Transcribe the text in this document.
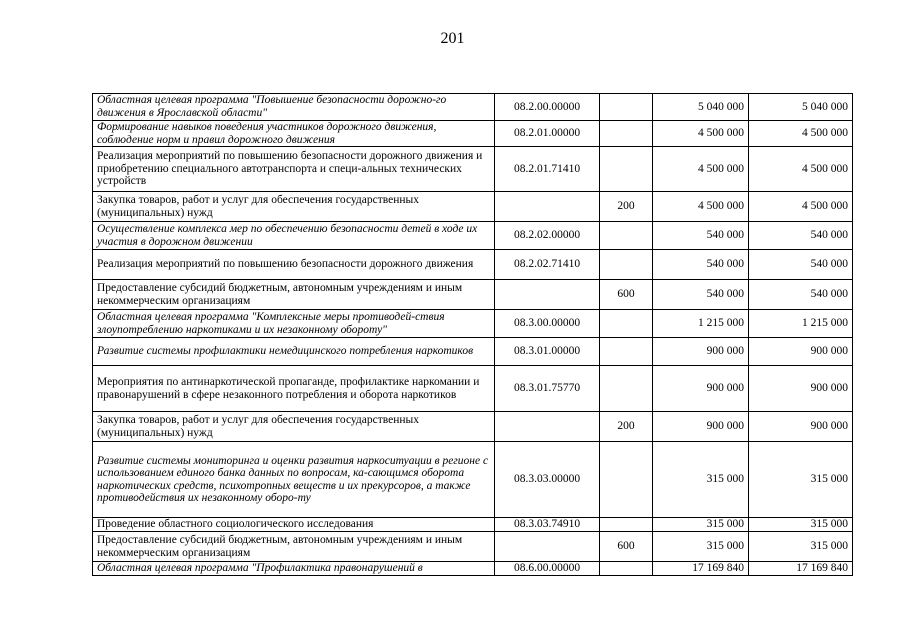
201
Областная целевая программа "Повышение безопасности дорожно-го движения в Ярославской области"	08.2.00.00000		5 040 000	5 040 000
Формирование навыков поведения участников дорожного движения, соблюдение норм и правил дорожного движения	08.2.01.00000		4 500 000	4 500 000
Реализация мероприятий по повышению безопасности дорожного движения и приобретению специального автотранспорта и специ-альных технических устройств	08.2.01.71410		4 500 000	4 500 000
Закупка товаров, работ и услуг для обеспечения государственных (муниципальных) нужд		200	4 500 000	4 500 000
Осуществление комплекса мер по обеспечению безопасности детей в ходе их участия в дорожном движении	08.2.02.00000		540 000	540 000
Реализация мероприятий по повышению безопасности дорожного движения	08.2.02.71410		540 000	540 000
Предоставление субсидий бюджетным, автономным учреждениям и иным некоммерческим организациям		600	540 000	540 000
Областная целевая программа "Комплексные меры противодей-ствия злоупотреблению наркотиками и их незаконному обороту"	08.3.00.00000		1 215 000	1 215 000
Развитие системы профилактики немедицинского потребления наркотиков	08.3.01.00000		900 000	900 000
Мероприятия по антинаркотической пропаганде, профилактике наркомании и правонарушений в сфере незаконного потребления и оборота наркотиков	08.3.01.75770		900 000	900 000
Закупка товаров, работ и услуг для обеспечения государственных (муниципальных) нужд		200	900 000	900 000
Развитие системы мониторинга и оценки развития наркоситуации в регионе с использованием единого банка данных по вопросам, ка-сающимся оборота наркотических средств, психотропных веществ и их прекурсоров, а также противодействия их незаконному оборо-ту	08.3.03.00000		315 000	315 000
Проведение областного социологического исследования	08.3.03.74910		315 000	315 000
Предоставление субсидий бюджетным, автономным учреждениям и иным некоммерческим организациям		600	315 000	315 000
Областная целевая программа "Профилактика правонарушений в	08.6.00.00000		17 169 840	17 169 840
